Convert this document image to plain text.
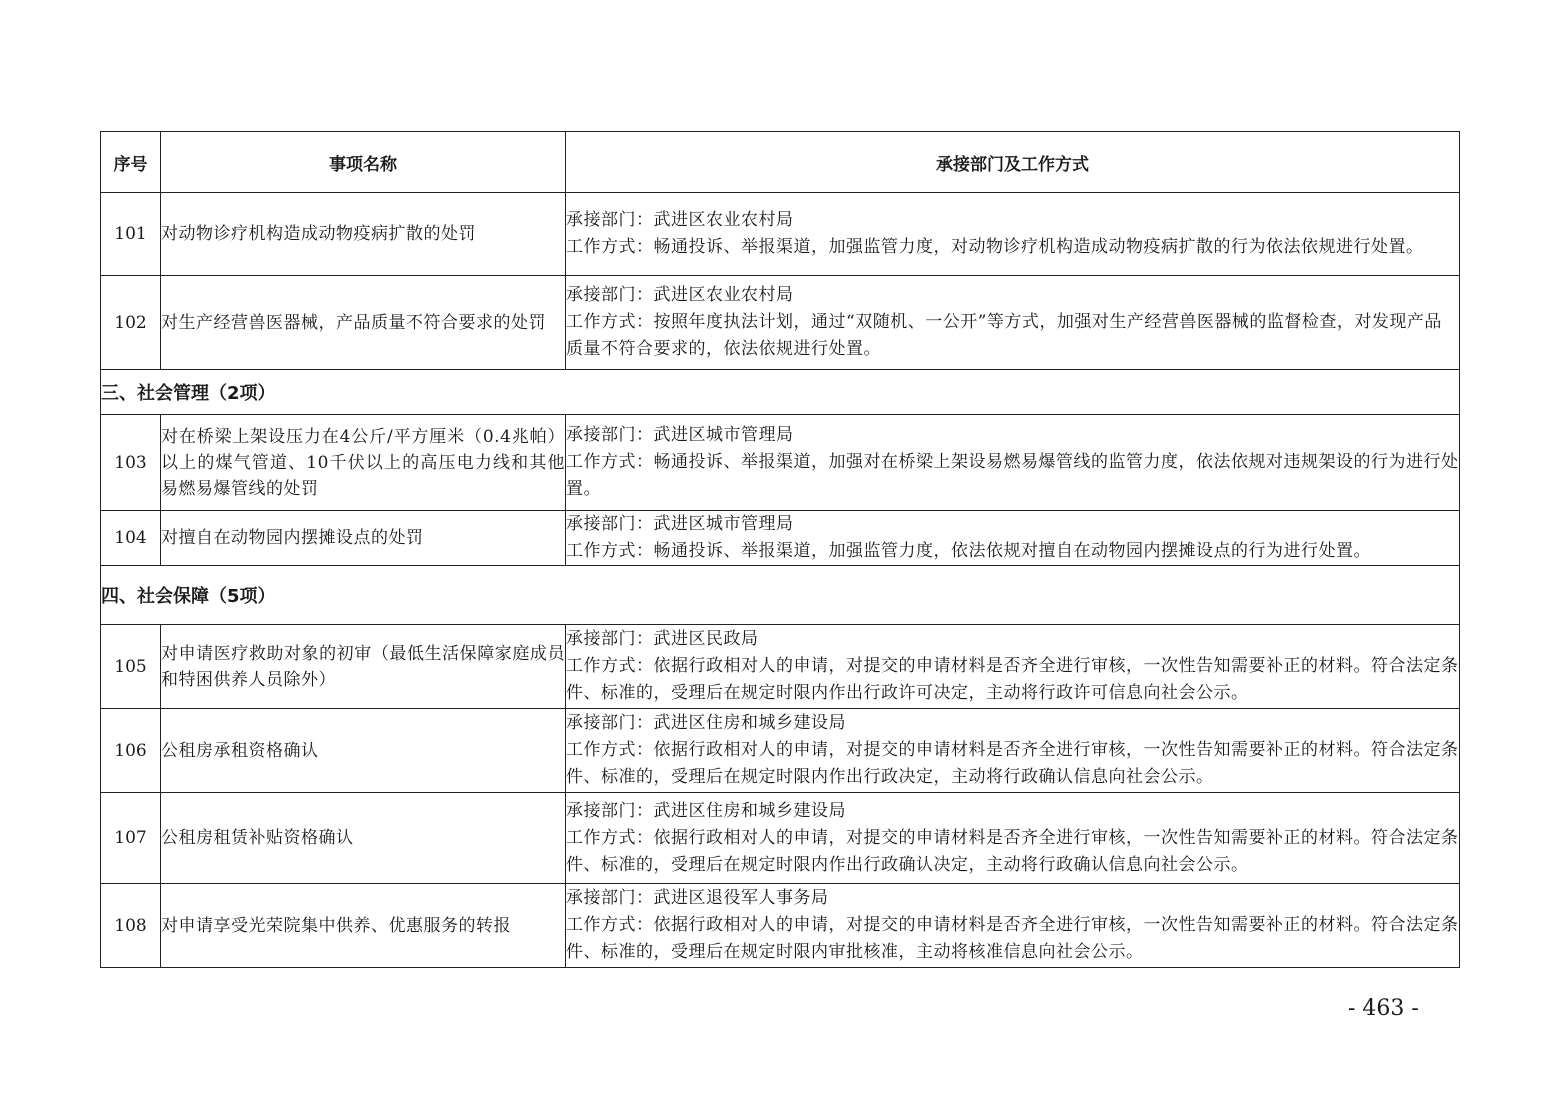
序号	事项名称	承接部门及工作方式
101	对动物诊疗机构造成动物疫病扩散的处罚	承接部门：武进区农业农村局
工作方式：畅通投诉、举报渠道，加强监管力度，对动物诊疗机构造成动物疫病扩散的行为依法依规进行处置。

102	对生产经营兽医器械，产品质量不符合要求的处罚	承接部门：武进区农业农村局
工作方式：按照年度执法计划，通过“双随机、一公开”等方式，加强对生产经营兽医器械的监督检查，对发现产品质量不符合要求的，依法依规进行处置。

三、社会管理（2项）		
103	对在桥梁上架设压力在4公斤/平方厘米（0.4兆帕）以上的煤气管道、10千伏以上的高压电力线和其他易燃易爆管线的处罚	承接部门：武进区城市管理局
工作方式：畅通投诉、举报渠道，加强对在桥梁上架设易燃易爆管线的监管力度，依法依规对违规架设的行为进行处置。

104	对擅自在动物园内摆摊设点的处罚	承接部门：武进区城市管理局
工作方式：畅通投诉、举报渠道，加强监管力度，依法依规对擅自在动物园内摆摊设点的行为进行处置。

四、社会保障（5项）		
105	对申请医疗救助对象的初审（最低生活保障家庭成员和特困供养人员除外）	承接部门：武进区民政局
工作方式：依据行政相对人的申请，对提交的申请材料是否齐全进行审核，一次性告知需要补正的材料。符合法定条件、标准的，受理后在规定时限内作出行政许可决定，主动将行政许可信息向社会公示。

106	公租房承租资格确认	承接部门：武进区住房和城乡建设局
工作方式：依据行政相对人的申请，对提交的申请材料是否齐全进行审核，一次性告知需要补正的材料。符合法定条件、标准的，受理后在规定时限内作出行政决定，主动将行政确认信息向社会公示。

107	公租房租赁补贴资格确认	承接部门：武进区住房和城乡建设局
工作方式：依据行政相对人的申请，对提交的申请材料是否齐全进行审核，一次性告知需要补正的材料。符合法定条件、标准的，受理后在规定时限内作出行政确认决定，主动将行政确认信息向社会公示。

108	对申请享受光荣院集中供养、优惠服务的转报	承接部门：武进区退役军人事务局
工作方式：依据行政相对人的申请，对提交的申请材料是否齐全进行审核，一次性告知需要补正的材料。符合法定条件、标准的，受理后在规定时限内审批核准，主动将核准信息向社会公示。
- 463 -
